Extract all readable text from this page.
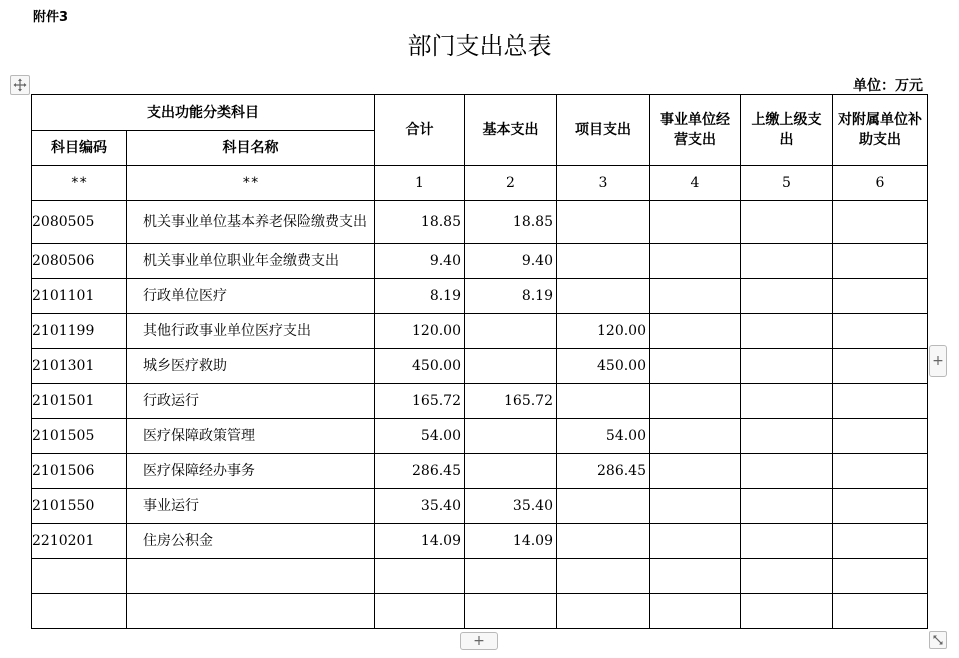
附件3
部门支出总表
单位：万元
支出功能分类科目		合计	基本支出	项目支出	事业单位经营支出	上缴上级支出	对附属单位补助支出
科目编码	科目名称						
**	**	1	2	3	4	5	6
2080505	机关事业单位基本养老保险缴费支出	18.85	18.85				
2080506	机关事业单位职业年金缴费支出	9.40	9.40				
2101101	行政单位医疗	8.19	8.19				
2101199	其他行政事业单位医疗支出	120.00		120.00			
2101301	城乡医疗救助	450.00		450.00			
2101501	行政运行	165.72	165.72				
2101505	医疗保障政策管理	54.00		54.00			
2101506	医疗保障经办事务	286.45		286.45			
2101550	事业运行	35.40	35.40				
2210201	住房公积金	14.09	14.09				

+
+
